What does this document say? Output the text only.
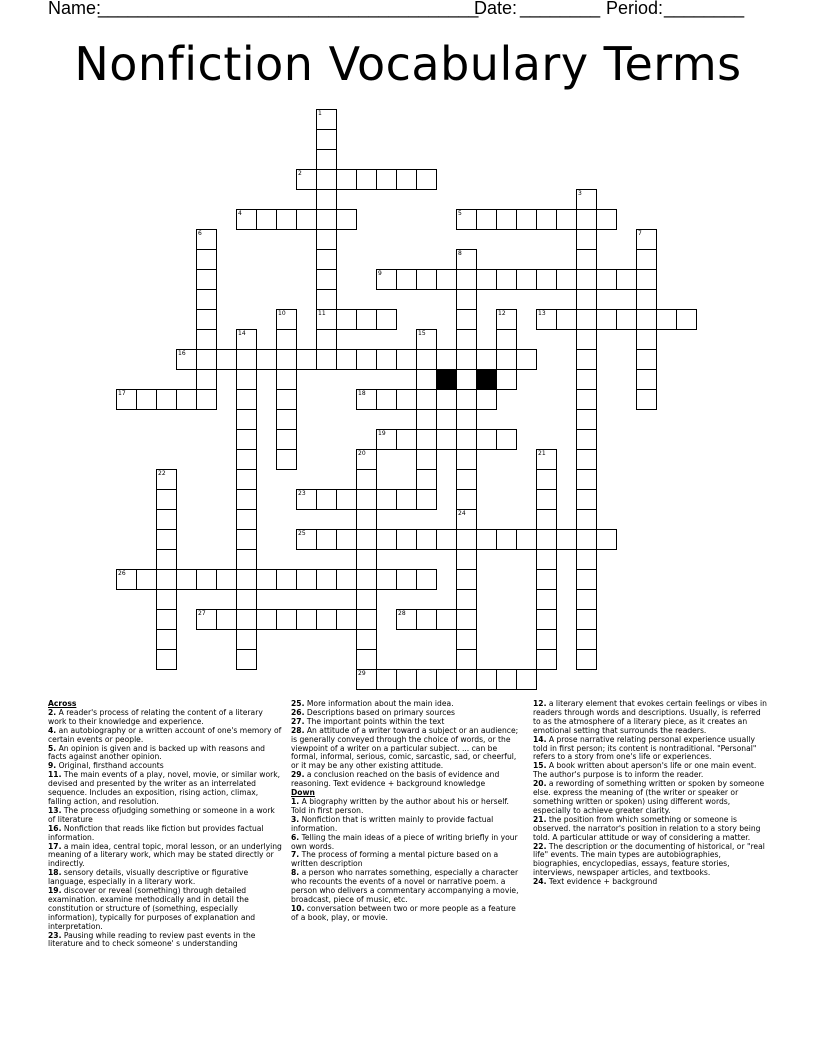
Name:
______________________________________
Date: ________ Period: ________
Nonfiction Vocabulary Terms
1
11
2
3
4	5
6	7
8
24
9
10	12	13
14	15
16
17	18
19
20	21
22
23
25
26
27	28
29
Across
2. A reader's process of relating the content of a literary work to their knowledge and experience.
4. an autobiography or a written account of one's memory of certain events or people.
5. An opinion is given and is backed up with reasons and facts against another opinion.
9. Original, firsthand accounts
11. The main events of a play, novel, movie, or similar work, devised and presented by the writer as an interrelated sequence. Includes an exposition, rising action, climax, falling action, and resolution.
13. The process ofjudging something or someone in a work of literature
16. Nonfiction that reads like fiction but provides factual information.
17. a main idea, central topic, moral lesson, or an underlying meaning of a literary work, which may be stated directly or indirectly.
18. sensory details, visually descriptive or figurative language, especially in a literary work.
19. discover or reveal (something) through detailed examination. examine methodically and in detail the constitution or structure of (something, especially information), typically for purposes of explanation and interpretation.
23. Pausing while reading to review past events in the literature and to check someone' s understanding
25. More information about the main idea.
26. Descriptions based on primary sources
27. The important points within the text
28. An attitude of a writer toward a subject or an audience; is generally conveyed through the choice of words, or the viewpoint of a writer on a particular subject. ... can be formal, informal, serious, comic, sarcastic, sad, or cheerful, or it may be any other existing attitude.
29. a conclusion reached on the basis of evidence and reasoning. Text evidence + background knowledge
Down
1. A biography written by the author about his or herself. Told in first person.
3. Nonfiction that is written mainly to provide factual information.
6. Telling the main ideas of a piece of writing briefly in your own words.
7. The process of forming a mental picture based on a written description
8. a person who narrates something, especially a character who recounts the events of a novel or narrative poem. a person who delivers a commentary accompanying a movie, broadcast, piece of music, etc.
10. conversation between two or more people as a feature of a book, play, or movie.
12. a literary element that evokes certain feelings or vibes in readers through words and descriptions. Usually, is referred to as the atmosphere of a literary piece, as it creates an emotional setting that surrounds the readers.
14. A prose narrative relating personal experience usually told in first person; its content is nontraditional. "Personal" refers to a story from one's life or experiences.
15. A book written about aperson's life or one main event. The author's purpose is to inform the reader.
20. a rewording of something written or spoken by someone else. express the meaning of (the writer or speaker or something written or spoken) using different words, especially to achieve greater clarity.
21. the position from which something or someone is observed. the narrator's position in relation to a story being told. A particular attitude or way of considering a matter.
22. The description or the documenting of historical, or "real life" events. The main types are autobiographies, biographies, encyclopedias, essays, feature stories, interviews, newspaper articles, and textbooks.
24. Text evidence + background
